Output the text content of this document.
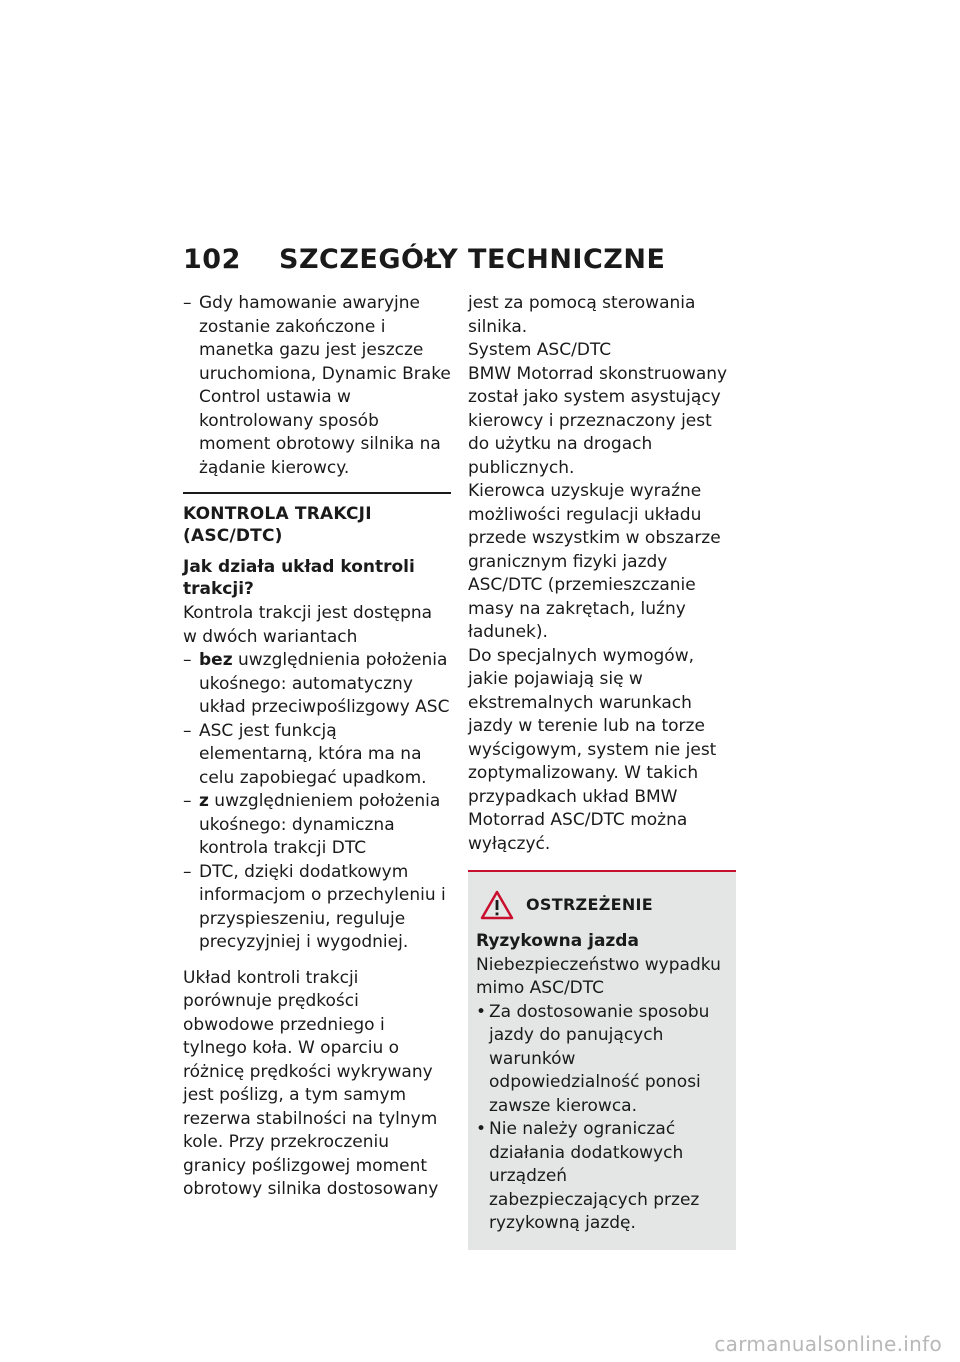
102 SZCZEGÓŁY TECHNICZNE
– Gdy hamowanie awaryjne zostanie zakończone i manetka gazu jest jeszcze uruchomiona, Dynamic Brake Control ustawia w kontrolowany sposób moment obrotowy silnika na żądanie kierowcy.
KONTROLA TRAKCJI (ASC/DTC)
Jak działa układ kontroli trakcji?

Kontrola trakcji jest dostępna w dwóch wariantach

– bez uwzględnienia położenia ukośnego: automatyczny układ przeciwpoślizgowy ASC
– ASC jest funkcją elementarną, która ma na celu zapobiegać upadkom.
– z uwzględnieniem położenia ukośnego: dynamiczna kontrola trakcji DTC
– DTC, dzięki dodatkowym informacjom o przechyleniu i przyspieszeniu, reguluje precyzyjniej i wygodniej.

Układ kontroli trakcji porównuje prędkości obwodowe przedniego i tylnego koła. W oparciu o różnicę prędkości wykrywany jest poślizg, a tym samym rezerwa stabilności na tylnym kole. Przy przekroczeniu granicy poślizgowej moment obrotowy silnika dostosowany

jest za pomocą sterowania silnika.

System ASC/DTC

BMW Motorrad skonstruowany został jako system asystujący kierowcy i przeznaczony jest do użytku na drogach publicznych.

Kierowca uzyskuje wyraźne możliwości regulacji układu przede wszystkim w obszarze granicznym fizyki jazdy ASC/DTC (przemieszczanie masy na zakrętach, luźny ładunek).

Do specjalnych wymogów, jakie pojawiają się w ekstremalnych warunkach jazdy w terenie lub na torze wyścigowym, system nie jest zoptymalizowany. W takich przypadkach układ BMW Motorrad ASC/DTC można wyłączyć.

OSTRZEŻENIE
Ryzykowna jazda

Niebezpieczeństwo wypadku mimo ASC/DTC

• Za dostosowanie sposobu jazdy do panujących warunków odpowiedzialność ponosi zawsze kierowca.
• Nie należy ograniczać działania dodatkowych urządzeń zabezpieczających przez ryzykowną jazdę.
carmanualsonline.info
